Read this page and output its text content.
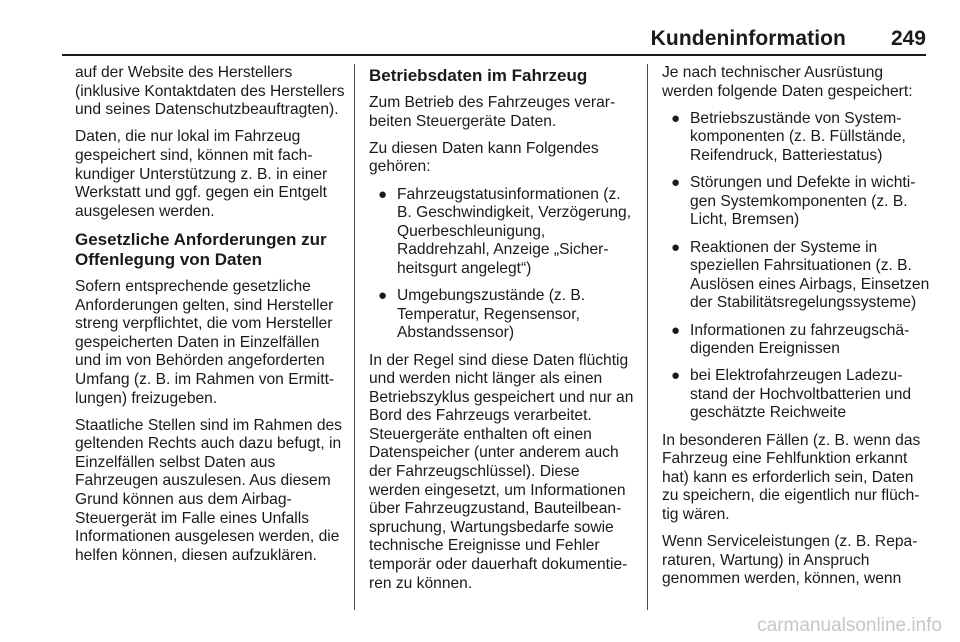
Kundeninformation 249

auf der Website des Herstellers (inklusive Kontaktdaten des Herstellers und seines Datenschutzbeauftragten).

Daten, die nur lokal im Fahrzeug gespeichert sind, können mit fachkundiger Unterstützung z. B. in einer Werkstatt und ggf. gegen ein Entgelt ausgelesen werden.

Gesetzliche Anforderungen zur Offenlegung von Daten

Sofern entsprechende gesetzliche Anforderungen gelten, sind Hersteller streng verpflichtet, die vom Hersteller gespeicherten Daten in Einzelfällen und im von Behörden angeforderten Umfang (z. B. im Rahmen von Ermittlungen) freizugeben.

Staatliche Stellen sind im Rahmen des geltenden Rechts auch dazu befugt, in Einzelfällen selbst Daten aus Fahrzeugen auszulesen. Aus diesem Grund können aus dem Airbag-Steuergerät im Falle eines Unfalls Informationen ausgelesen werden, die helfen können, diesen aufzuklären.

Betriebsdaten im Fahrzeug

Zum Betrieb des Fahrzeuges verarbeiten Steuergeräte Daten.

Zu diesen Daten kann Folgendes gehören:

● Fahrzeugstatusinformationen (z. B. Geschwindigkeit, Verzögerung, Querbeschleunigung, Raddrehzahl, Anzeige „Sicherheitsgurt angelegt“)
● Umgebungszustände (z. B. Temperatur, Regensensor, Abstandssensor)

In der Regel sind diese Daten flüchtig und werden nicht länger als einen Betriebszyklus gespeichert und nur an Bord des Fahrzeugs verarbeitet. Steuergeräte enthalten oft einen Datenspeicher (unter anderem auch der Fahrzeugschlüssel). Diese werden eingesetzt, um Informationen über Fahrzeugzustand, Bauteilbeanspruchung, Wartungsbedarfe sowie technische Ereignisse und Fehler temporär oder dauerhaft dokumentieren zu können.

Je nach technischer Ausrüstung werden folgende Daten gespeichert:

● Betriebszustände von Systemkomponenten (z. B. Füllstände, Reifendruck, Batteriestatus)
● Störungen und Defekte in wichtigen Systemkomponenten (z. B. Licht, Bremsen)
● Reaktionen der Systeme in speziellen Fahrsituationen (z. B. Auslösen eines Airbags, Einsetzen der Stabilitätsregelungssysteme)
● Informationen zu fahrzeugschädigenden Ereignissen
● bei Elektrofahrzeugen Ladezustand der Hochvoltbatterien und geschätzte Reichweite

In besonderen Fällen (z. B. wenn das Fahrzeug eine Fehlfunktion erkannt hat) kann es erforderlich sein, Daten zu speichern, die eigentlich nur flüchtig wären.

Wenn Serviceleistungen (z. B. Reparaturen, Wartung) in Anspruch genommen werden, können, wenn

carmanualsonline.info
